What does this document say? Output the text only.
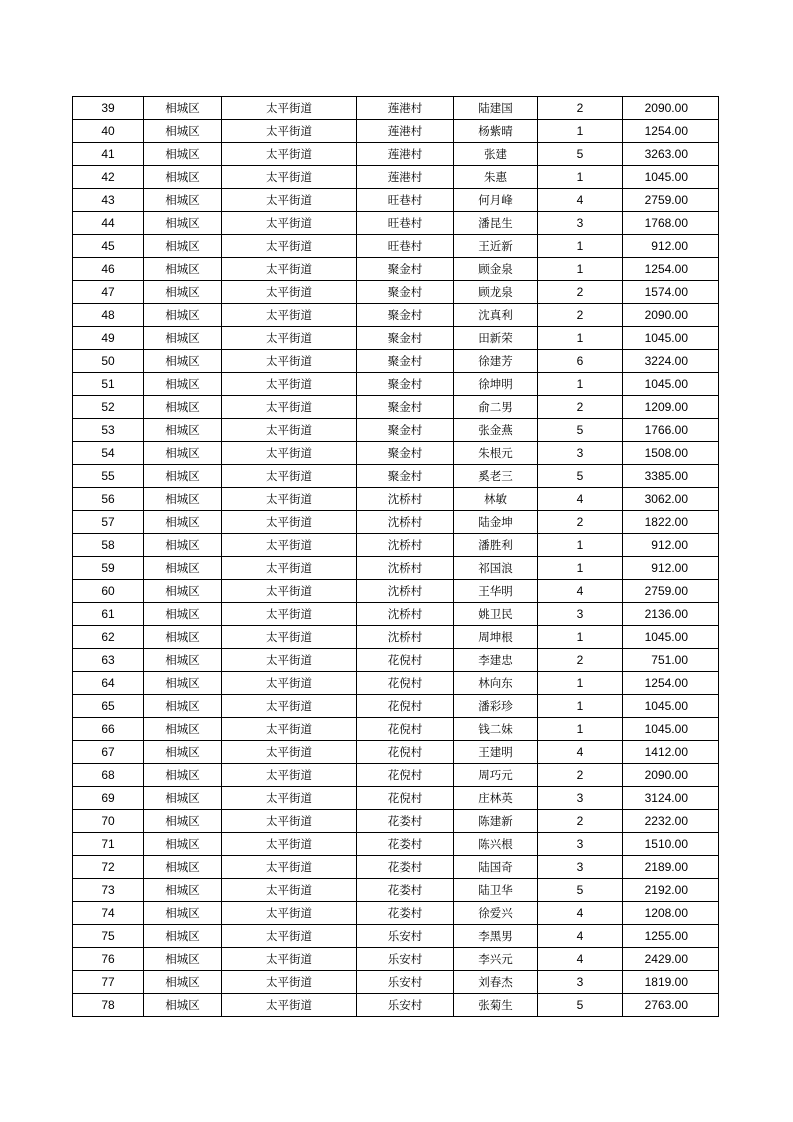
39	相城区	太平街道	莲港村	陆建国	2	2090.00
40	相城区	太平街道	莲港村	杨紫晴	1	1254.00
41	相城区	太平街道	莲港村	张建	5	3263.00
42	相城区	太平街道	莲港村	朱惠	1	1045.00
43	相城区	太平街道	旺巷村	何月峰	4	2759.00
44	相城区	太平街道	旺巷村	潘昆生	3	1768.00
45	相城区	太平街道	旺巷村	王近新	1	912.00
46	相城区	太平街道	聚金村	顾金泉	1	1254.00
47	相城区	太平街道	聚金村	顾龙泉	2	1574.00
48	相城区	太平街道	聚金村	沈真利	2	2090.00
49	相城区	太平街道	聚金村	田新荣	1	1045.00
50	相城区	太平街道	聚金村	徐建芳	6	3224.00
51	相城区	太平街道	聚金村	徐坤明	1	1045.00
52	相城区	太平街道	聚金村	俞二男	2	1209.00
53	相城区	太平街道	聚金村	张金燕	5	1766.00
54	相城区	太平街道	聚金村	朱根元	3	1508.00
55	相城区	太平街道	聚金村	奚老三	5	3385.00
56	相城区	太平街道	沈桥村	林敏	4	3062.00
57	相城区	太平街道	沈桥村	陆金坤	2	1822.00
58	相城区	太平街道	沈桥村	潘胜利	1	912.00
59	相城区	太平街道	沈桥村	祁国浪	1	912.00
60	相城区	太平街道	沈桥村	王华明	4	2759.00
61	相城区	太平街道	沈桥村	姚卫民	3	2136.00
62	相城区	太平街道	沈桥村	周坤根	1	1045.00
63	相城区	太平街道	花倪村	李建忠	2	751.00
64	相城区	太平街道	花倪村	林向东	1	1254.00
65	相城区	太平街道	花倪村	潘彩珍	1	1045.00
66	相城区	太平街道	花倪村	钱二妹	1	1045.00
67	相城区	太平街道	花倪村	王建明	4	1412.00
68	相城区	太平街道	花倪村	周巧元	2	2090.00
69	相城区	太平街道	花倪村	庄林英	3	3124.00
70	相城区	太平街道	花娄村	陈建新	2	2232.00
71	相城区	太平街道	花娄村	陈兴根	3	1510.00
72	相城区	太平街道	花娄村	陆国奇	3	2189.00
73	相城区	太平街道	花娄村	陆卫华	5	2192.00
74	相城区	太平街道	花娄村	徐爱兴	4	1208.00
75	相城区	太平街道	乐安村	李黑男	4	1255.00
76	相城区	太平街道	乐安村	李兴元	4	2429.00
77	相城区	太平街道	乐安村	刘春杰	3	1819.00
78	相城区	太平街道	乐安村	张菊生	5	2763.00
